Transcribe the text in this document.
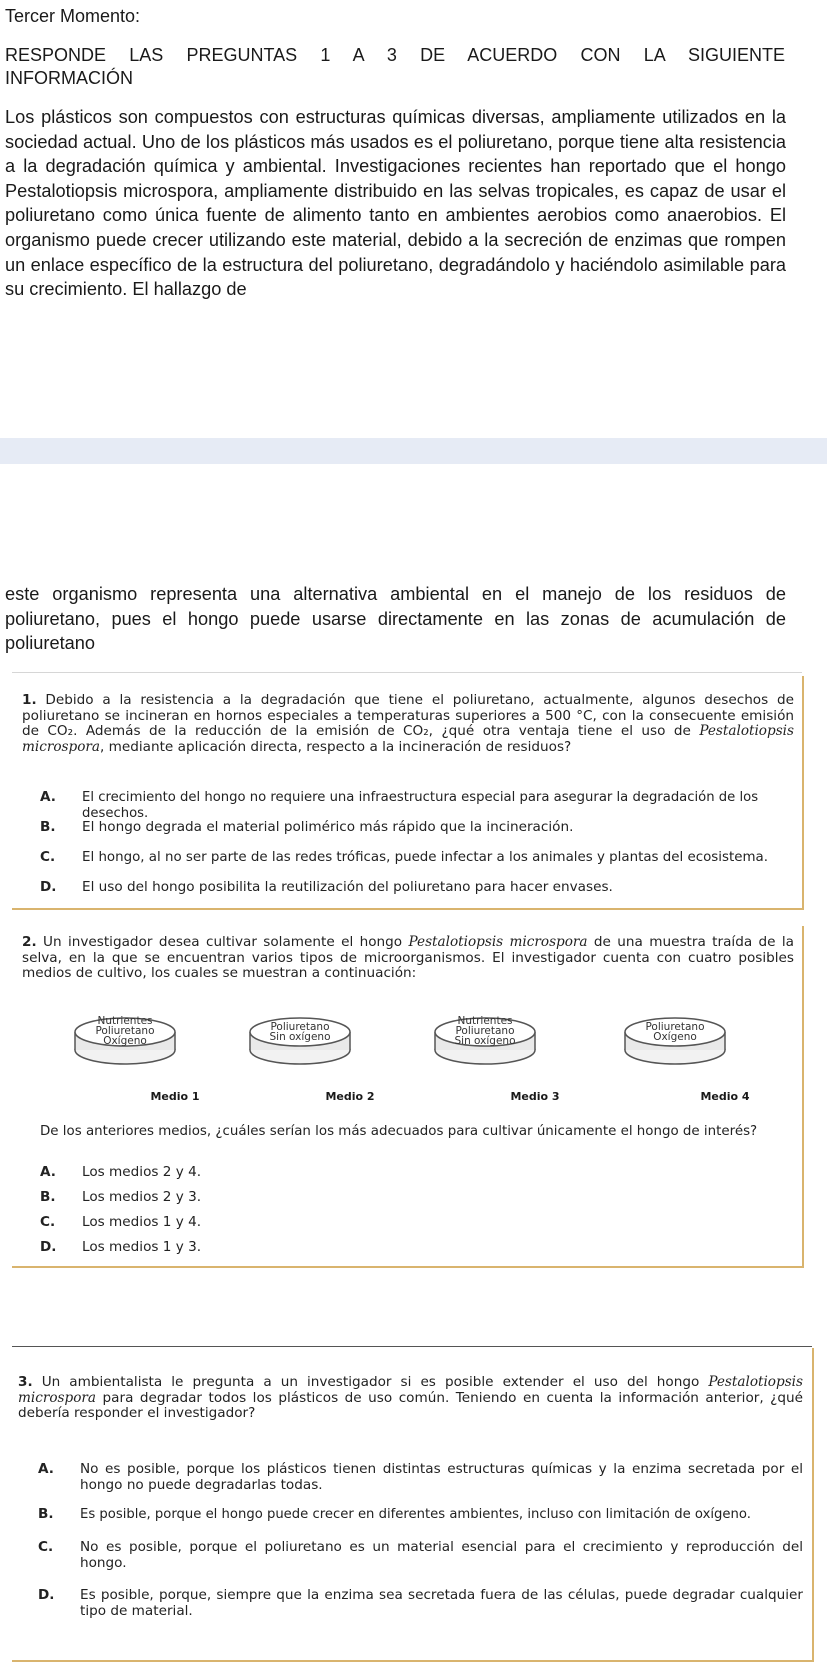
Tercer Momento:
RESPONDE LAS PREGUNTAS 1 A 3 DE ACUERDO CON LA SIGUIENTE
INFORMACIÓN
Los plásticos son compuestos con estructuras químicas diversas, ampliamente utilizados en la sociedad actual. Uno de los plásticos más usados es el poliuretano, porque tiene alta resistencia a la degradación química y ambiental. Investigaciones recientes han reportado que el hongo Pestalotiopsis microspora, ampliamente distribuido en las selvas tropicales, es capaz de usar el poliuretano como única fuente de alimento tanto en ambientes aerobios como anaerobios. El organismo puede crecer utilizando este material, debido a la secreción de enzimas que rompen un enlace específico de la estructura del poliuretano, degradándolo y haciéndolo asimilable para su crecimiento. El hallazgo de
este organismo representa una alternativa ambiental en el manejo de los residuos de poliuretano, pues el hongo puede usarse directamente en las zonas de acumulación de poliuretano
1. Debido a la resistencia a la degradación que tiene el poliuretano, actualmente, algunos desechos de poliuretano se incineran en hornos especiales a temperaturas superiores a 500 °C, con la consecuente emisión de CO₂. Además de la reducción de la emisión de CO₂, ¿qué otra ventaja tiene el uso de Pestalotiopsis microspora, mediante aplicación directa, respecto a la incineración de residuos?
A. El crecimiento del hongo no requiere una infraestructura especial para asegurar la degradación de los desechos.
B. El hongo degrada el material polimérico más rápido que la incineración.
C. El hongo, al no ser parte de las redes tróficas, puede infectar a los animales y plantas del ecosistema.
D. El uso del hongo posibilita la reutilización del poliuretano para hacer envases.
2. Un investigador desea cultivar solamente el hongo Pestalotiopsis microspora de una muestra traída de la selva, en la que se encuentran varios tipos de microorganismos. El investigador cuenta con cuatro posibles medios de cultivo, los cuales se muestran a continuación:
Nutrientes
Poliuretano
Oxígeno
Poliuretano
Sin oxígeno
Nutrientes
Poliuretano
Sin oxígeno
Poliuretano
Oxígeno
Medio 1	Medio 2	Medio 3	Medio 4
De los anteriores medios, ¿cuáles serían los más adecuados para cultivar únicamente el hongo de interés?
A. Los medios 2 y 4.
B. Los medios 2 y 3.
C. Los medios 1 y 4.
D. Los medios 1 y 3.
3. Un ambientalista le pregunta a un investigador si es posible extender el uso del hongo Pestalotiopsis microspora para degradar todos los plásticos de uso común. Teniendo en cuenta la información anterior, ¿qué debería responder el investigador?
A. No es posible, porque los plásticos tienen distintas estructuras químicas y la enzima secretada por el hongo no puede degradarlas todas.
B. Es posible, porque el hongo puede crecer en diferentes ambientes, incluso con limitación de oxígeno.
C. No es posible, porque el poliuretano es un material esencial para el crecimiento y reproducción del hongo.
D. Es posible, porque, siempre que la enzima sea secretada fuera de las células, puede degradar cualquier tipo de material.
